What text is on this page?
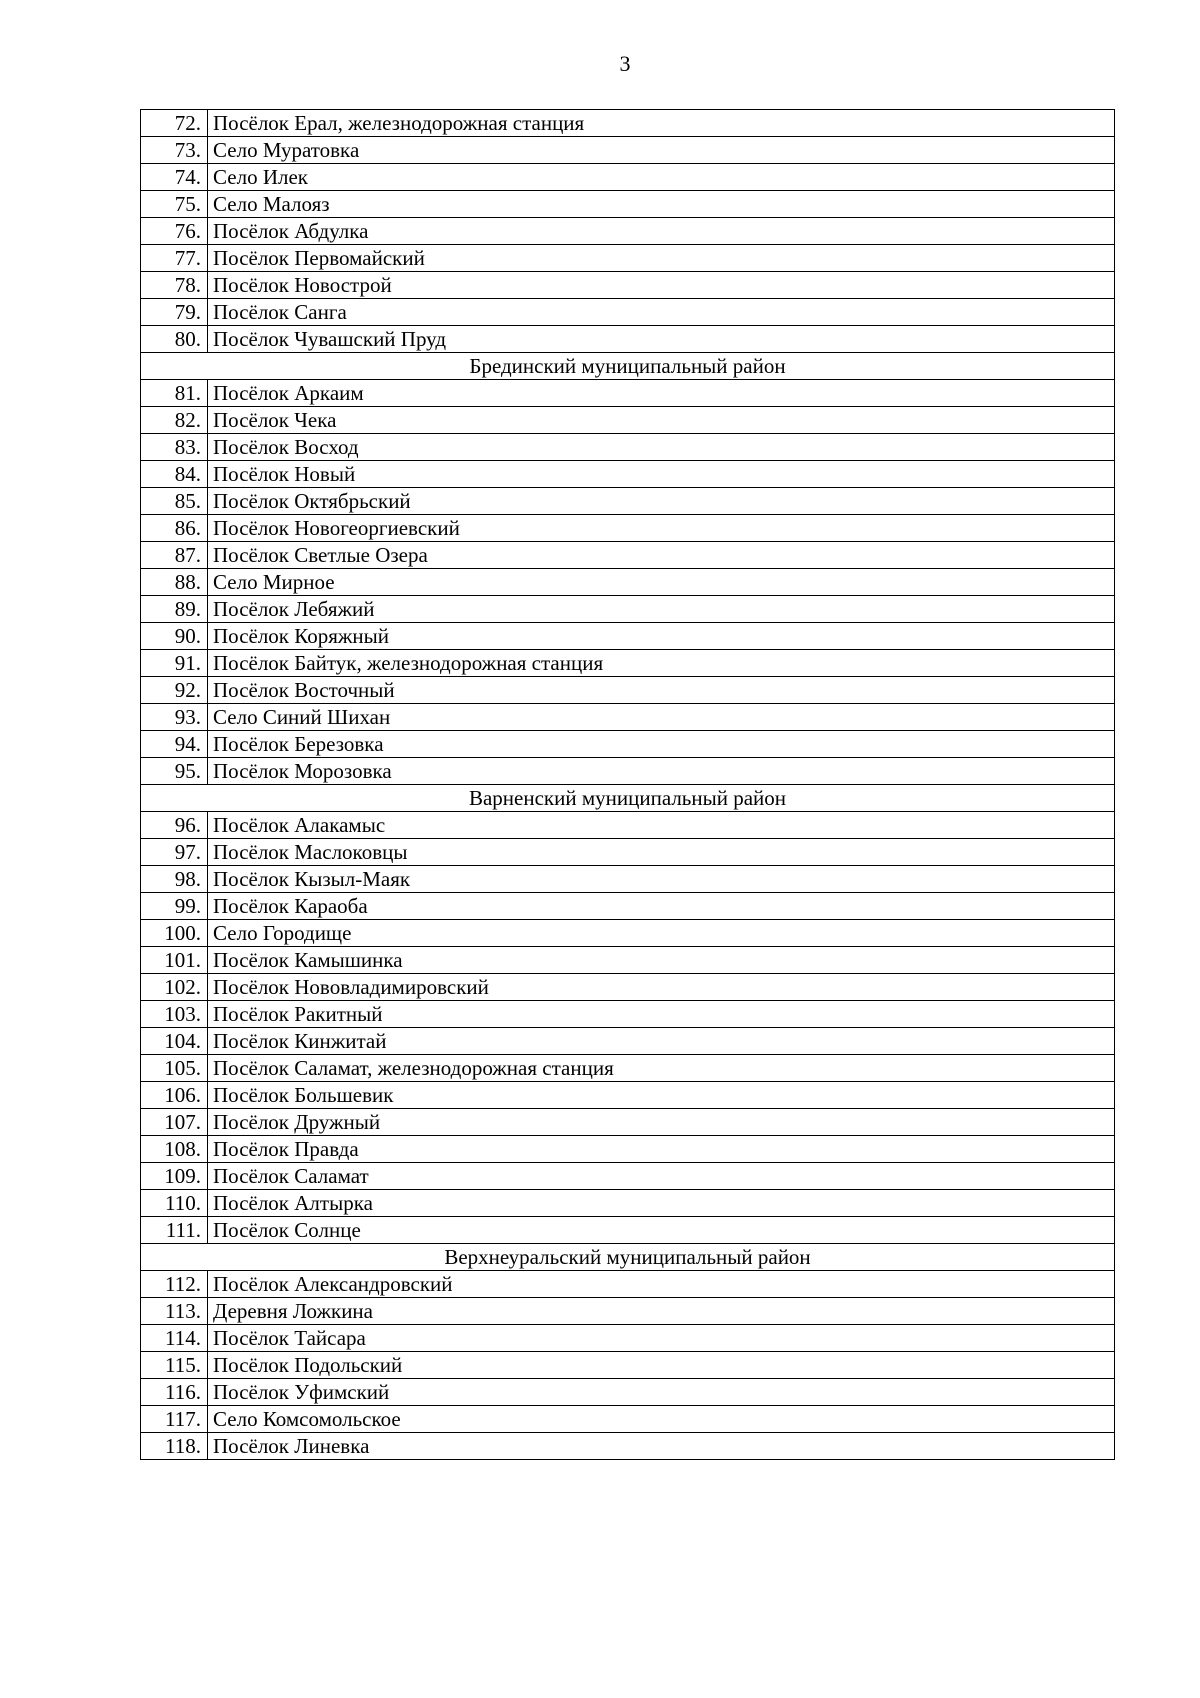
3
72.	Посёлок Ерал, железнодорожная станция
73.	Село Муратовка
74.	Село Илек
75.	Село Малояз
76.	Посёлок Абдулка
77.	Посёлок Первомайский
78.	Посёлок Новострой
79.	Посёлок Санга
80.	Посёлок Чувашский Пруд
Брединский муниципальный район	
81.	Посёлок Аркаим
82.	Посёлок Чека
83.	Посёлок Восход
84.	Посёлок Новый
85.	Посёлок Октябрьский
86.	Посёлок Новогеоргиевский
87.	Посёлок Светлые Озера
88.	Село Мирное
89.	Посёлок Лебяжий
90.	Посёлок Коряжный
91.	Посёлок Байтук, железнодорожная станция
92.	Посёлок Восточный
93.	Село Синий Шихан
94.	Посёлок Березовка
95.	Посёлок Морозовка
Варненский муниципальный район	
96.	Посёлок Алакамыс
97.	Посёлок Маслоковцы
98.	Посёлок Кызыл-Маяк
99.	Посёлок Караоба
100.	Село Городище
101.	Посёлок Камышинка
102.	Посёлок Нововладимировский
103.	Посёлок Ракитный
104.	Посёлок Кинжитай
105.	Посёлок Саламат, железнодорожная станция
106.	Посёлок Большевик
107.	Посёлок Дружный
108.	Посёлок Правда
109.	Посёлок Саламат
110.	Посёлок Алтырка
111.	Посёлок Солнце
Верхнеуральский муниципальный район	
112.	Посёлок Александровский
113.	Деревня Ложкина
114.	Посёлок Тайсара
115.	Посёлок Подольский
116.	Посёлок Уфимский
117.	Село Комсомольское
118.	Посёлок Линевка
